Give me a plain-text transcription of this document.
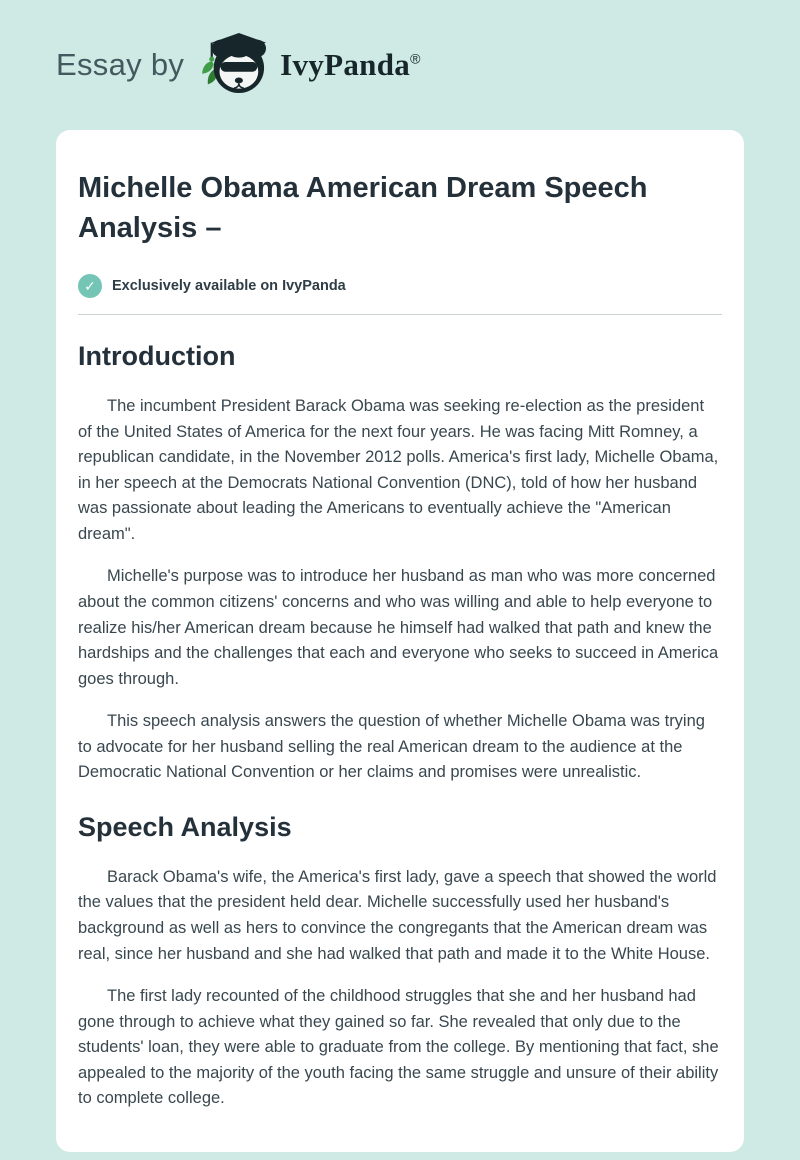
Essay by	IvyPanda®
Michelle Obama American Dream Speech Analysis –
✓	Exclusively available on IvyPanda
Introduction

The incumbent President Barack Obama was seeking re-election as the president of the United States of America for the next four years. He was facing Mitt Romney, a republican candidate, in the November 2012 polls. America's first lady, Michelle Obama, in her speech at the Democrats National Convention (DNC), told of how her husband was passionate about leading the Americans to eventually achieve the "American dream".

Michelle's purpose was to introduce her husband as man who was more concerned about the common citizens' concerns and who was willing and able to help everyone to realize his/her American dream because he himself had walked that path and knew the hardships and the challenges that each and everyone who seeks to succeed in America goes through.

This speech analysis answers the question of whether Michelle Obama was trying to advocate for her husband selling the real American dream to the audience at the Democratic National Convention or her claims and promises were unrealistic.

Speech Analysis

Barack Obama's wife, the America's first lady, gave a speech that showed the world the values that the president held dear. Michelle successfully used her husband's background as well as hers to convince the congregants that the American dream was real, since her husband and she had walked that path and made it to the White House.

The first lady recounted of the childhood struggles that she and her husband had gone through to achieve what they gained so far. She revealed that only due to the students' loan, they were able to graduate from the college. By mentioning that fact, she appealed to the majority of the youth facing the same struggle and unsure of their ability to complete college.
